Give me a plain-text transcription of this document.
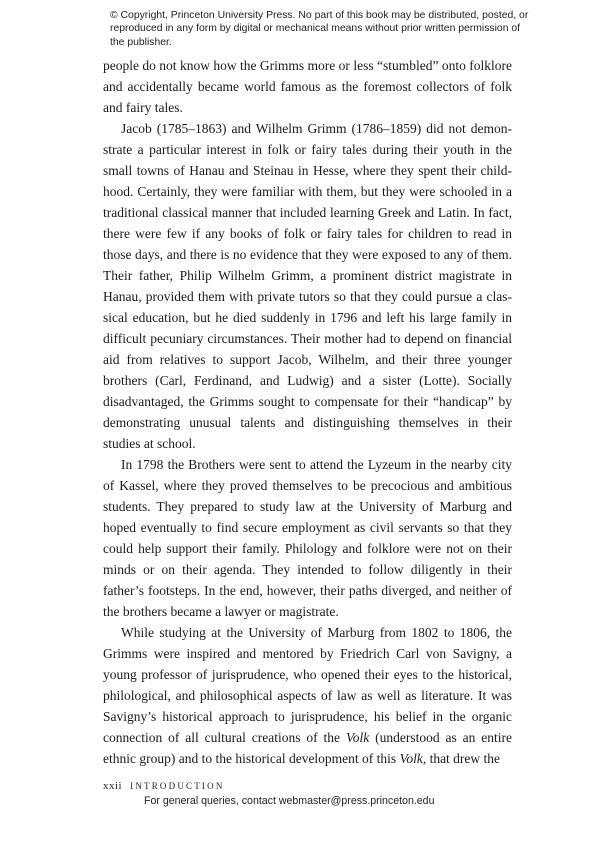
© Copyright, Princeton University Press. No part of this book may be distributed, posted, or reproduced in any form by digital or mechanical means without prior written permission of the publisher.

people do not know how the Grimms more or less “stumbled” onto folklore and accidentally became world famous as the foremost collectors of folk and fairy tales.

Jacob (1785–1863) and Wilhelm Grimm (1786–1859) did not demonstrate a particular interest in folk or fairy tales during their youth in the small towns of Hanau and Steinau in Hesse, where they spent their childhood. Certainly, they were familiar with them, but they were schooled in a traditional classical manner that included learning Greek and Latin. In fact, there were few if any books of folk or fairy tales for children to read in those days, and there is no evidence that they were exposed to any of them. Their father, Philip Wilhelm Grimm, a prominent district magistrate in Hanau, provided them with private tutors so that they could pursue a classical education, but he died suddenly in 1796 and left his large family in difficult pecuniary circumstances. Their mother had to depend on financial aid from relatives to support Jacob, Wilhelm, and their three younger brothers (Carl, Ferdinand, and Ludwig) and a sister (Lotte). Socially disadvantaged, the Grimms sought to compensate for their “handicap” by demonstrating unusual talents and distinguishing themselves in their studies at school.

In 1798 the Brothers were sent to attend the Lyzeum in the nearby city of Kassel, where they proved themselves to be precocious and ambitious students. They prepared to study law at the University of Marburg and hoped eventually to find secure employment as civil servants so that they could help support their family. Philology and folklore were not on their minds or on their agenda. They intended to follow diligently in their father’s footsteps. In the end, however, their paths diverged, and neither of the brothers became a lawyer or magistrate.

While studying at the University of Marburg from 1802 to 1806, the Grimms were inspired and mentored by Friedrich Carl von Savigny, a young professor of jurisprudence, who opened their eyes to the historical, philological, and philosophical aspects of law as well as literature. It was Savigny’s historical approach to jurisprudence, his belief in the organic connection of all cultural creations of the Volk (understood as an entire ethnic group) and to the historical development of this Volk, that drew the

xxii INTRODUCTION
For general queries, contact webmaster@press.princeton.edu
